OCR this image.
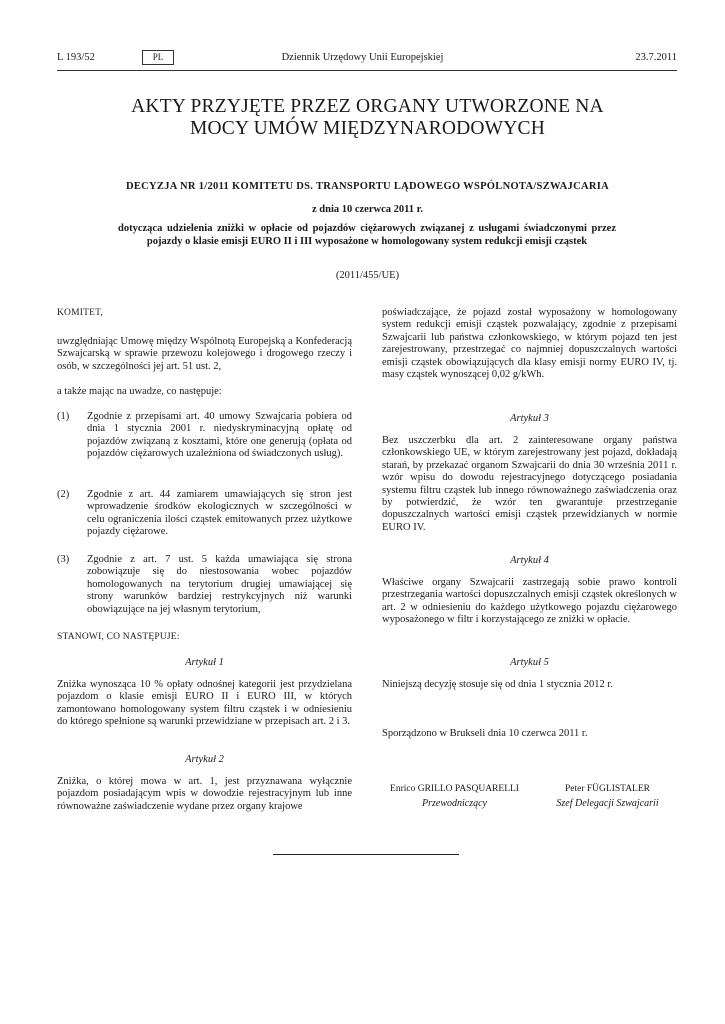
L 193/52	PL	Dziennik Urzędowy Unii Europejskiej	23.7.2011
AKTY PRZYJĘTE PRZEZ ORGANY UTWORZONE NA
MOCY UMÓW MIĘDZYNARODOWYCH
DECYZJA NR 1/2011 KOMITETU DS. TRANSPORTU LĄDOWEGO WSPÓLNOTA/SZWAJCARIA
z dnia 10 czerwca 2011 r.
dotycząca udzielenia zniżki w opłacie od pojazdów ciężarowych związanej z usługami świadczonymi przez pojazdy o klasie emisji EURO II i III wyposażone w homologowany system redukcji emisji cząstek
(2011/455/UE)
KOMITET,

uwzględniając Umowę między Wspólnotą Europejską a Konfederacją Szwajcarską w sprawie przewozu kolejowego i drogowego rzeczy i osób, w szczególności jej art. 51 ust. 2,

a także mając na uwadze, co następuje:

(1)	Zgodnie z przepisami art. 40 umowy Szwajcaria pobiera od dnia 1 stycznia 2001 r. niedyskryminacyjną opłatę od pojazdów związaną z kosztami, które one generują (opłata od pojazdów ciężarowych uzależniona od świadczonych usług).
(2)	Zgodnie z art. 44 zamiarem umawiających się stron jest wprowadzenie środków ekologicznych w szczególności w celu ograniczenia ilości cząstek emitowanych przez użytkowe pojazdy ciężarowe.
(3)	Zgodnie z art. 7 ust. 5 każda umawiająca się strona zobowiązuje się do niestosowania wobec pojazdów homologowanych na terytorium drugiej umawiającej się strony warunków bardziej restrykcyjnych niż warunki obowiązujące na jej własnym terytorium,
STANOWI, CO NASTĘPUJE:
Artykuł 1

Zniżka wynosząca 10 % opłaty odnośnej kategorii jest przydzielana pojazdom o klasie emisji EURO II i EURO III, w których zamontowano homologowany system filtru cząstek i w odniesieniu do którego spełnione są warunki przewidziane w przepisach art. 2 i 3.

Artykuł 2

Zniżka, o której mowa w art. 1, jest przyznawana wyłącznie pojazdom posiadającym wpis w dowodzie rejestracyjnym lub inne równoważne zaświadczenie wydane przez organy krajowe

poświadczające, że pojazd został wyposażony w homologowany system redukcji emisji cząstek pozwalający, zgodnie z przepisami Szwajcarii lub państwa członkowskiego, w którym pojazd ten jest zarejestrowany, przestrzegać co najmniej dopuszczalnych wartości emisji cząstek obowiązujących dla klasy emisji normy EURO IV, tj. masy cząstek wynoszącej 0,02 g/kWh.

Artykuł 3

Bez uszczerbku dla art. 2 zainteresowane organy państwa członkowskiego UE, w którym zarejestrowany jest pojazd, dokładają starań, by przekazać organom Szwajcarii do dnia 30 września 2011 r. wzór wpisu do dowodu rejestracyjnego dotyczącego posiadania systemu filtru cząstek lub innego równoważnego zaświadczenia oraz by potwierdzić, że wzór ten gwarantuje przestrzeganie dopuszczalnych wartości emisji cząstek przewidzianych w normie EURO IV.

Artykuł 4

Właściwe organy Szwajcarii zastrzegają sobie prawo kontroli przestrzegania wartości dopuszczalnych emisji cząstek określonych w art. 2 w odniesieniu do każdego użytkowego pojazdu ciężarowego wyposażonego w filtr i korzystającego ze zniżki w opłacie.

Artykuł 5

Niniejszą decyzję stosuje się od dnia 1 stycznia 2012 r.

Sporządzono w Brukseli dnia 10 czerwca 2011 r.

Enrico GRILLO PASQUARELLI
Przewodniczący
Peter FÜGLISTALER
Szef Delegacji Szwajcarii
